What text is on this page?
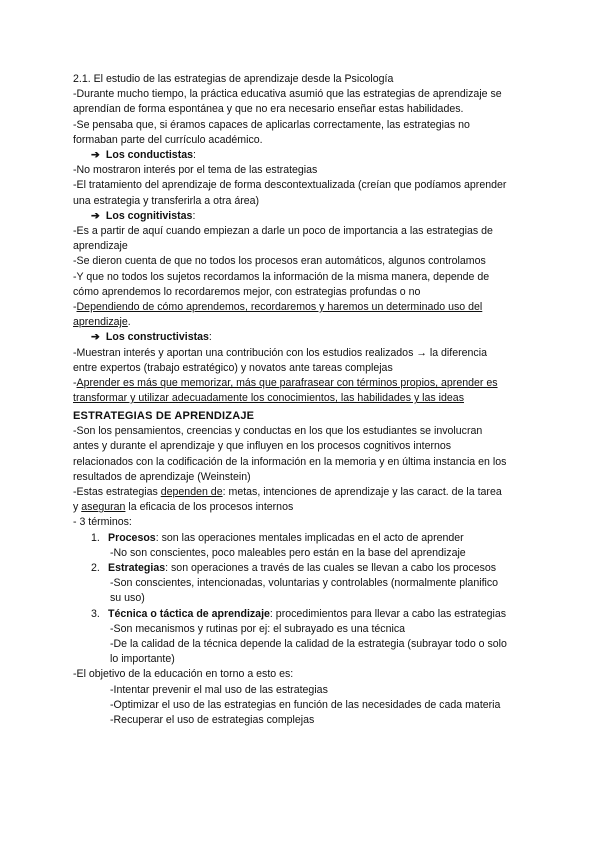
2.1. El estudio de las estrategias de aprendizaje desde la Psicología
-Durante mucho tiempo, la práctica educativa asumió que las estrategias de aprendizaje se
aprendían de forma espontánea y que no era necesario enseñar estas habilidades.
-Se pensaba que, si éramos capaces de aplicarlas correctamente, las estrategias no
formaban parte del currículo académico.
➔ Los conductistas:
-No mostraron interés por el tema de las estrategias
-El tratamiento del aprendizaje de forma descontextualizada (creían que podíamos aprender
una estrategia y transferirla a otra área)
➔ Los cognitivistas:
-Es a partir de aquí cuando empiezan a darle un poco de importancia a las estrategias de
aprendizaje
-Se dieron cuenta de que no todos los procesos eran automáticos, algunos controlamos
-Y que no todos los sujetos recordamos la información de la misma manera, depende de
cómo aprendemos lo recordaremos mejor, con estrategias profundas o no
-Dependiendo de cómo aprendemos, recordaremos y haremos un determinado uso del
aprendizaje.
➔ Los constructivistas:
-Muestran interés y aportan una contribución con los estudios realizados → la diferencia
entre expertos (trabajo estratégico) y novatos ante tareas complejas
-Aprender es más que memorizar, más que parafrasear con términos propios, aprender es
transformar y utilizar adecuadamente los conocimientos, las habilidades y las ideas
ESTRATEGIAS DE APRENDIZAJE
-Son los pensamientos, creencias y conductas en los que los estudiantes se involucran
antes y durante el aprendizaje y que influyen en los procesos cognitivos internos
relacionados con la codificación de la información en la memoria y en última instancia en los
resultados de aprendizaje (Weinstein)
-Estas estrategias dependen de: metas, intenciones de aprendizaje y las caract. de la tarea
y aseguran la eficacia de los procesos internos
- 3 términos:
1. Procesos: son las operaciones mentales implicadas en el acto de aprender
-No son conscientes, poco maleables pero están en la base del aprendizaje
2. Estrategias: son operaciones a través de las cuales se llevan a cabo los procesos
-Son conscientes, intencionadas, voluntarias y controlables (normalmente planifico
su uso)
3. Técnica o táctica de aprendizaje: procedimientos para llevar a cabo las estrategias
-Son mecanismos y rutinas por ej: el subrayado es una técnica
-De la calidad de la técnica depende la calidad de la estrategia (subrayar todo o solo
lo importante)
-El objetivo de la educación en torno a esto es:
-Intentar prevenir el mal uso de las estrategias
-Optimizar el uso de las estrategias en función de las necesidades de cada materia
-Recuperar el uso de estrategias complejas
